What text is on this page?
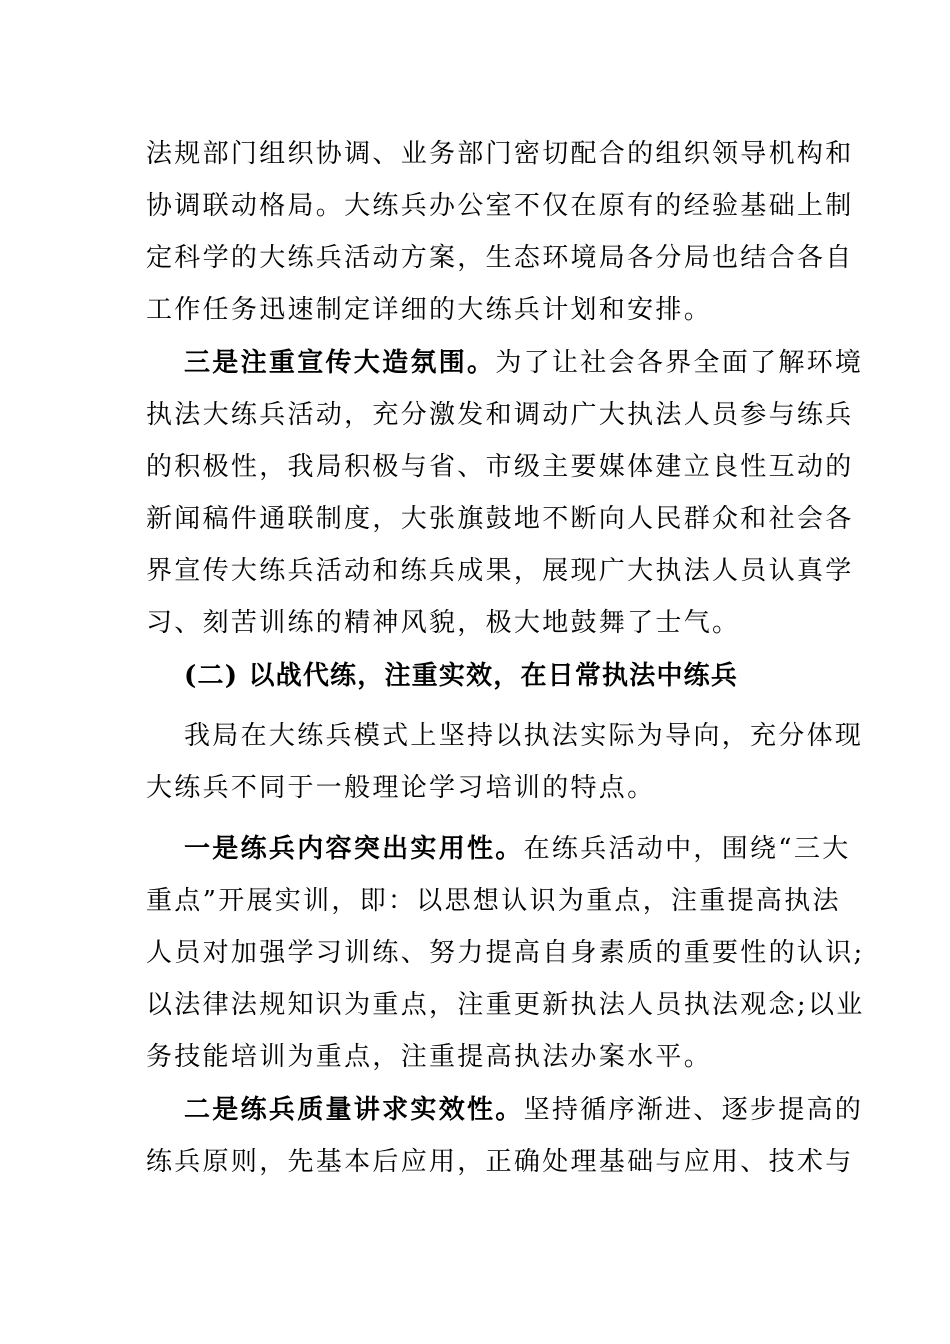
法规部门组织协调、业务部门密切配合的组织领导机构和
协调联动格局。大练兵办公室不仅在原有的经验基础上制
定科学的大练兵活动方案，生态环境局各分局也结合各自
工作任务迅速制定详细的大练兵计划和安排。
三是注重宣传大造氛围。为了让社会各界全面了解环境
执法大练兵活动，充分激发和调动广大执法人员参与练兵
的积极性，我局积极与省、市级主要媒体建立良性互动的
新闻稿件通联制度，大张旗鼓地不断向人民群众和社会各
界宣传大练兵活动和练兵成果，展现广大执法人员认真学
习、刻苦训练的精神风貌，极大地鼓舞了士气。
(二) 以战代练，注重实效，在日常执法中练兵
我局在大练兵模式上坚持以执法实际为导向，充分体现
大练兵不同于一般理论学习培训的特点。
一是练兵内容突出实用性。在练兵活动中，围绕“三大
重点”开展实训，即：以思想认识为重点，注重提高执法
人员对加强学习训练、努力提高自身素质的重要性的认识;
以法律法规知识为重点，注重更新执法人员执法观念;以业
务技能培训为重点，注重提高执法办案水平。
二是练兵质量讲求实效性。坚持循序渐进、逐步提高的
练兵原则，先基本后应用，正确处理基础与应用、技术与
